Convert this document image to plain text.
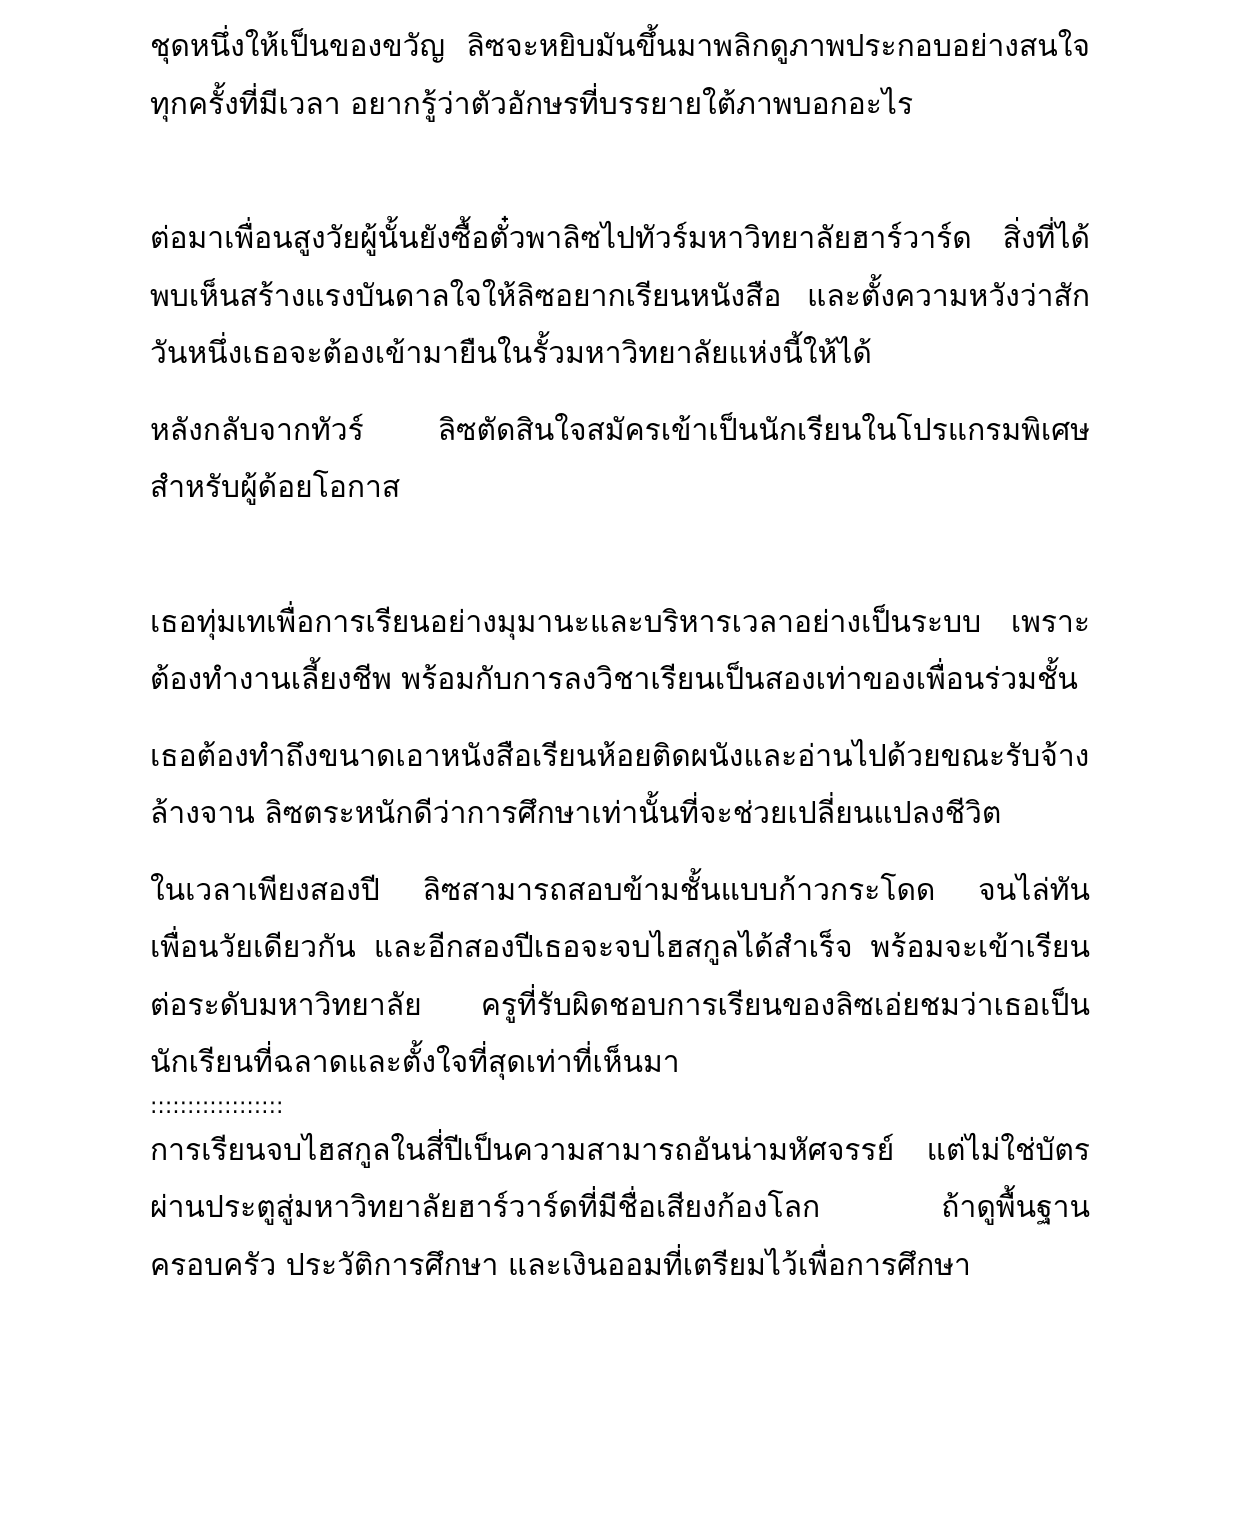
ชุดหนึ่งให้เป็นของขวัญ ลิซจะหยิบมันขึ้นมาพลิกดูภาพประกอบอย่างสนใจทุกครั้งที่มีเวลา อยากรู้ว่าตัวอักษรที่บรรยายใต้ภาพบอกอะไร

ต่อมาเพื่อนสูงวัยผู้นั้นยังซื้อตั๋วพาลิซไปทัวร์มหาวิทยาลัยฮาร์วาร์ด สิ่งที่ได้พบเห็นสร้างแรงบันดาลใจให้ลิซอยากเรียนหนังสือ และตั้งความหวังว่าสักวันหนึ่งเธอจะต้องเข้ามายืนในรั้วมหาวิทยาลัยแห่งนี้ให้ได้

หลังกลับจากทัวร์ ลิซตัดสินใจสมัครเข้าเป็นนักเรียนในโปรแกรมพิเศษสำหรับผู้ด้อยโอกาส

เธอทุ่มเทเพื่อการเรียนอย่างมุมานะและบริหารเวลาอย่างเป็นระบบ เพราะต้องทำงานเลี้ยงชีพ พร้อมกับการลงวิชาเรียนเป็นสองเท่าของเพื่อนร่วมชั้น

เธอต้องทำถึงขนาดเอาหนังสือเรียนห้อยติดผนังและอ่านไปด้วยขณะรับจ้างล้างจาน ลิซตระหนักดีว่าการศึกษาเท่านั้นที่จะช่วยเปลี่ยนแปลงชีวิต

ในเวลาเพียงสองปี ลิซสามารถสอบข้ามชั้นแบบก้าวกระโดด จนไล่ทันเพื่อนวัยเดียวกัน และอีกสองปีเธอจะจบไฮสกูลได้สำเร็จ พร้อมจะเข้าเรียนต่อระดับมหาวิทยาลัย ครูที่รับผิดชอบการเรียนของลิซเอ่ยชมว่าเธอเป็นนักเรียนที่ฉลาดและตั้งใจที่สุดเท่าที่เห็นมา

::::::::::::::::::

การเรียนจบไฮสกูลในสี่ปีเป็นความสามารถอันน่ามหัศจรรย์ แต่ไม่ใช่บัตรผ่านประตูสู่มหาวิทยาลัยฮาร์วาร์ดที่มีชื่อเสียงก้องโลก ถ้าดูพื้นฐานครอบครัว ประวัติการศึกษา และเงินออมที่เตรียมไว้เพื่อการศึกษา
